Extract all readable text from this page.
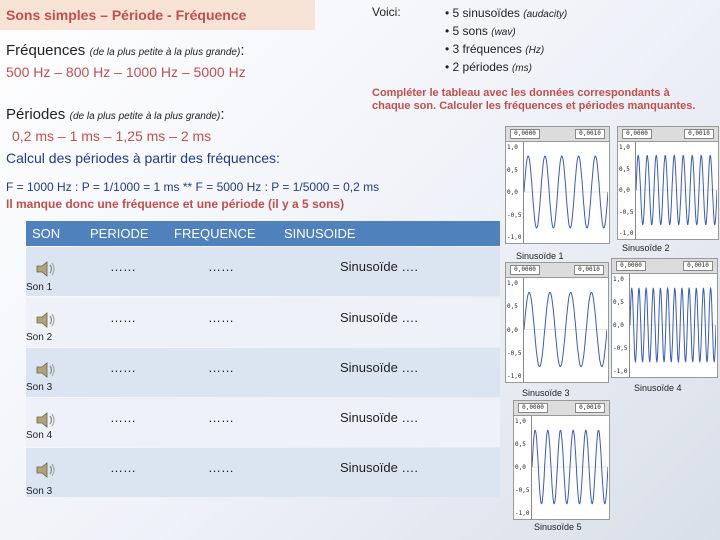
Sons simples – Période - Fréquence	Voici:
•	5 sinusoïdes (audacity)
• 5 sons (wav)
• 3 fréquences (Hz)
• 2 périodes (ms)
Fréquences (de la plus petite à la plus grande):
500 Hz – 800 Hz – 1000 Hz – 5000 Hz
Périodes (de la plus petite à la plus grande):
0,2 ms – 1 ms – 1,25 ms – 2 ms
Calcul des périodes à partir des fréquences:
Compléter le tableau avec les données correspondants à chaque son. Calculer les fréquences et périodes manquantes.
F = 1000 Hz : P = 1/1000 = 1 ms ** F = 5000 Hz : P = 1/5000 = 0,2 ms
Il manque donc une fréquence et une période (il y a 5 sons)
SON PERIODE FREQUENCE SINUSOIDE
……	……	Sinusoïde ….
……	……	Sinusoïde ….
……	……	Sinusoïde ….
……	……	Sinusoïde ….
……	……	Sinusoïde ….
0,0000	0,0010
1,0
0,5
0,0
-0,5
-1,0
Sinusoïde 1
0,0000	0,0010
1,0
0,5
0,0
-0,5
-1,0
Sinusoïde 2
0,0000	0,0010
1,0
0,5
0,0
-0,5
-1,0
Sinusoïde 3
0,0000	0,0010
1,0
0,5
0,0
-0,5
-1,0
Sinusoïde 4
0,0000	0,0010
1,0
0,5
0,0
-0,5
-1,0
Sinusoïde 5
Son 1
Son 2
Son 3
Son 4
Son 3
